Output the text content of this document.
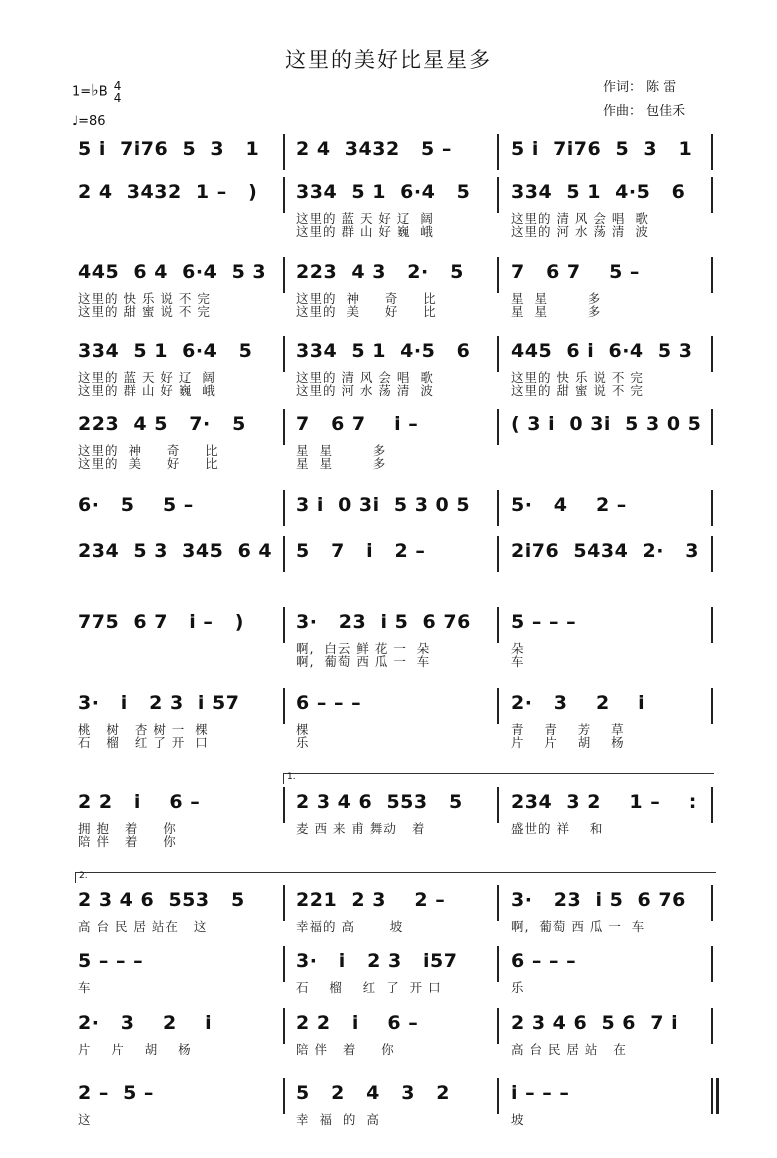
这里的美好比星星多
1=♭B 4
4
♩=86
作词： 陈 雷
作曲： 包佳禾
5 i  7i76  5  3   1 2 4  3432   5 –	5 i  7i76  5  3   1
2 4  3432  1 –   ) 334  5 1  6·4   5
这里的 蓝 天 好 辽  阔
这里的 群 山 好 巍  峨
334  5 1  4·5   6
这里的 清 风 会 唱  歌
这里的 河 水 荡 清  波
445  6 4  6·4  5 3
这里的 快 乐 说 不 完
这里的 甜 蜜 说 不 完
223  4 3   2·   5
这里的  神     奇     比
这里的  美     好     比
7   6 7    5 –
星  星        多
星  星        多
334  5 1  6·4   5
这里的 蓝 天 好 辽  阔
这里的 群 山 好 巍  峨
334  5 1  4·5   6
这里的 清 风 会 唱  歌
这里的 河 水 荡 清  波
445  6 i  6·4  5 3
这里的 快 乐 说 不 完
这里的 甜 蜜 说 不 完
223  4 5   7·   5
这里的  神     奇     比
这里的  美     好     比
7   6 7    i –
星  星        多
星  星        多
( 3 i  0 3i  5 3 0 5
6·   5    5 –	3 i  0 3i  5 3 0 5 5·   4    2 –
234  5 3  345  6 4 5   7   i   2 –	2i76  5434  2·   3
775  6 7   i –   )	3·   23  i 5  6 76
啊,  白云 鲜 花 一  朵
啊,  葡萄 西 瓜 一  车
5 – – –
朵
车
3·   i   2 3  i 57
桃   树   杏 树 一  棵
石   榴   红 了 开  口
6 – – –
棵
乐
2·   3    2    i
青    青    芳    草
片    片    胡    杨
2 2   i    6 –
拥 抱   着     你
陪 伴   着     你
2 3 4 6  553   5
麦 西 来 甫 舞动   着
234  3 2    1 –    :
盛世的 祥    和
2 3 4 6  553   5
高 台 民 居 站在   这
221  2 3    2 –
幸福的 高       坡
3·   23  i 5  6 76
啊,  葡萄 西 瓜 一  车
5 – – –
车
3·   i   2 3   i57
石    榴    红  了  开 口
6 – – –
乐
2·   3    2    i
片    片    胡    杨
2 2   i    6 –
陪 伴   着     你
2 3 4 6  5 6  7 i
高 台 民 居 站   在
2 –  5 –
这
5   2   4   3   2
幸  福  的  高
i – – –
坡
1.
2.
